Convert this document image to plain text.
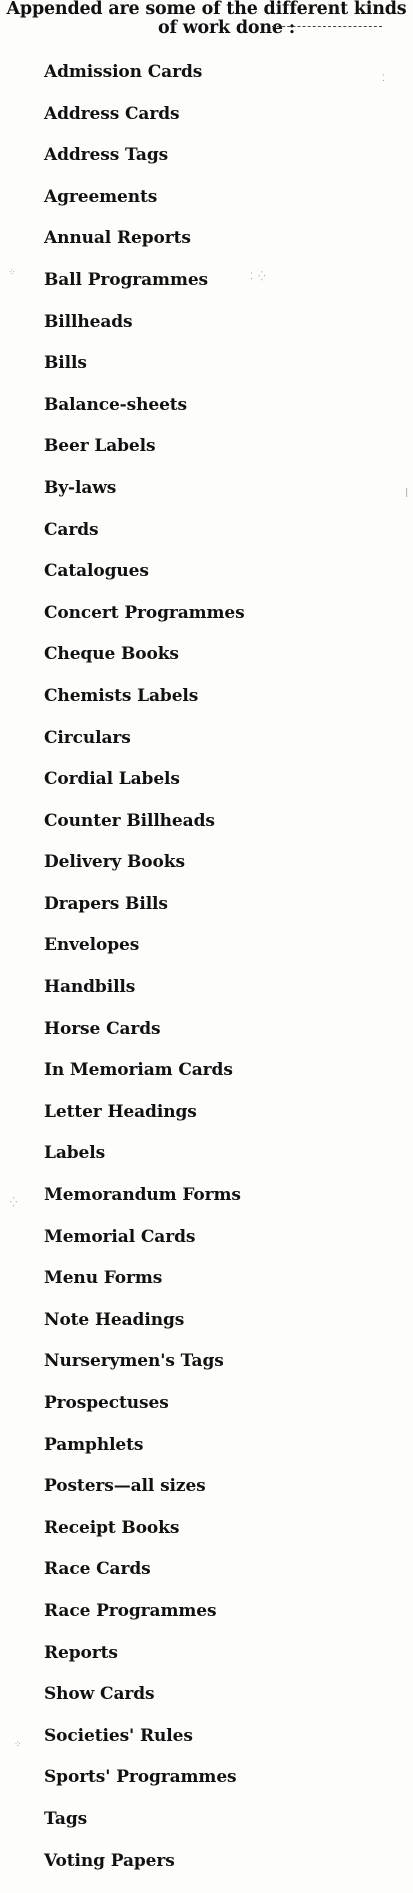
Appended are some of the different kinds
of work done :
Admission Cards
Address Cards
Address Tags
Agreements
Annual Reports
Ball Programmes
Billheads
Bills
Balance-sheets
Beer Labels
By-laws
Cards
Catalogues
Concert Programmes
Cheque Books
Chemists Labels
Circulars
Cordial Labels
Counter Billheads
Delivery Books
Drapers Bills
Envelopes
Handbills
Horse Cards
In Memoriam Cards
Letter Headings
Labels
Memorandum Forms
Memorial Cards
Menu Forms
Note Headings
Nurserymen's Tags
Prospectuses
Pamphlets
Posters—all sizes
Receipt Books
Race Cards
Race Programmes
Reports
Show Cards
Societies' Rules
Sports' Programmes
Tags
Voting Papers
⁚
⁘	⁚ ⁛
|
⁛
⁘
